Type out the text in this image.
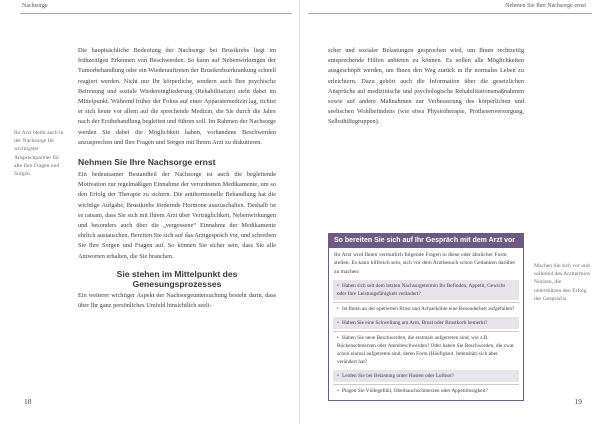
Nachsorge
Ihr Arzt bleibt auch in der Nachsorge Ihr wichtigster Ansprechpartner für alle Ihre Fragen und Sorgen.

Die hauptsächliche Bedeutung der Nachsorge bei Brustkrebs liegt im frühzeitigen Erkennen von Beschwerden. So kann auf Nebenwirkungen der Tumorbehandlung oder ein Wiederauftreten der Brustkrebserkrankung schnell reagiert werden. Nicht nur Ihr körperliche, sondern auch Ihre psychische Betreuung und soziale Wiedereingliederung (Rehabilitation) steht dabei im Mittelpunkt. Während früher der Fokus auf einer Apparatemedizin lag, richtet er sich heute vor allem auf die sprechende Medizin, die Sie durch die Jahre nach der Erstbehandlung begleiten und führen soll. Im Rahmen der Nachsorge werden Sie dabei die Möglichkeit haben, vorhandene Beschwerden anzusprechen und Ihre Fragen und Sorgen mit Ihrem Arzt zu diskutieren.

Nehmen Sie Ihre Nachsorge ernst

Ein bedeutsamer Bestandteil der Nachsorge ist auch die begleitende Motivation zur regelmäßigen Einnahme der verordneten Medikamente, um so den Erfolg der Therapie zu sichern. Die antihormonelle Behandlung hat die wichtige Aufgabe, Brustkrebs fördernde Hormone auszuschalten. Deshalb ist es ratsam, dass Sie sich mit Ihrem Arzt über Verträglichkeit, Nebenwirkungen und besonders auch über die „vergessene“ Einnahme der Medikamente ehrlich austauschen. Bereiten Sie sich auf das Arztgespräch vor, und schreiben Sie Ihre Sorgen und Fragen auf. So können Sie sicher sein, dass Sie alle Antworten erhalten, die Sie brauchen.

Sie stehen im Mittelpunkt des Genesungsprozesses

Ein weiterer wichtiger Aspekt der Nachsorgeuntersuchung besteht darin, dass über Ihr ganz persönliches Umfeld hinsichtlich seeli-

18
Nehmen Sie Ihre Nachsorge ernst

scher und sozialer Belastungen gesprochen wird, um Ihnen rechtzeitig entsprechende Hilfen anbieten zu können. Es sollen alle Möglichkeiten ausgeschöpft werden, um Ihnen den Weg zurück in Ihr normales Leben zu erleichtern. Dazu gehört auch die Information über die gesetzlichen Ansprüche auf medizinische und psychologische Rehabilitationsmaßnahmen sowie auf andere Maßnahmen zur Verbesserung des körperlichen und seelischen Wohlbefindens (wie etwa Physiotherapie, Prothesenversorgung, Selbsthilfegruppen).

Machen Sie sich vor und während des Arzttermins Notizen, die unterstützen den Erfolg des Gesprächs.
19
So bereiten Sie sich auf Ihr Gespräch mit dem Arzt vor
Ihr Arzt wird Ihnen vermutlich folgende Fragen in diese oder ähnlicher Form stellen. Es kann hilfreich sein, sich vor dem Arztbesuch schon Gedanken darüber zu machen:
• Haben sich seit dem letzten Nachsorgetermin Ihr Befinden, Appetit, Gewicht oder Ihre Leistungsfähigkeit verändert?
• Ist Ihnen an der operierten Brust und Achselhöhle eine Besonderheit aufgefallen?
• Haben Sie eine Schwellung am Arm, Brust oder Brustkorb bemerkt?
• Haben Sie neue Beschwerden, die erstmals aufgetreten sind, wie z.B. Rückenschmerzen oder Atembeschwerden? Oder haben Sie Beschwerden, die zwar schon einmal aufgetreten sind, deren Form (Häufigkeit, Intensität) sich aber verändert hat?
• Leiden Sie bei Belastung unter Husten oder Luftnot?
• Plagen Sie Völlegefühl, Oberbauchschmerzen oder Appetitlosigkeit?
